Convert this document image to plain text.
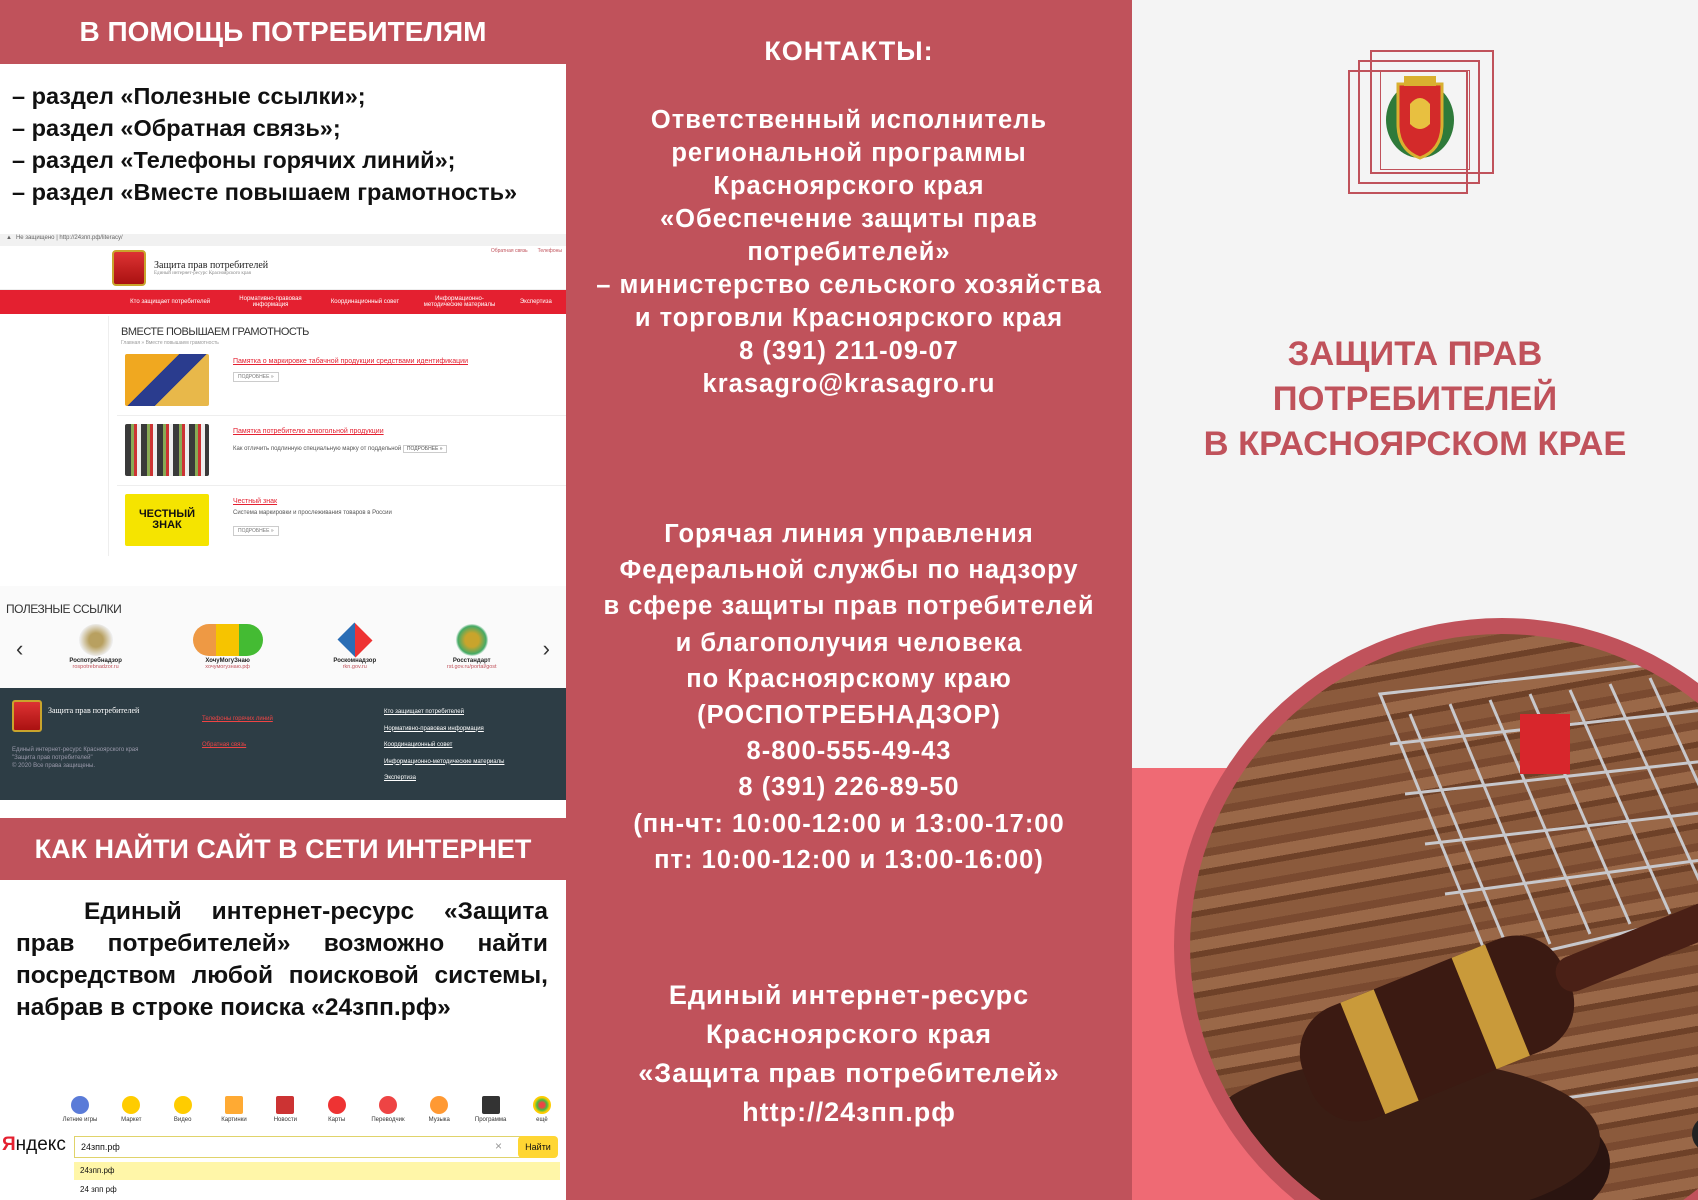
В ПОМОЩЬ ПОТРЕБИТЕЛЯМ
– раздел «Полезные ссылки»;
– раздел «Обратная связь»;
– раздел «Телефоны горячих линий»;
– раздел «Вместе повышаем грамотность»
▲ Не защищено | http://24зпп.рф/literacy/
Защита прав потребителей
Единый интернет-ресурс Красноярского края
Обратная связь Телефоны
Кто защищает потребителей	Нормативно-правовая информация	Координационный совет	Информационно-методические материалы	Экспертиза
ВМЕСТЕ ПОВЫШАЕМ ГРАМОТНОСТЬ
Главная » Вместе повышаем грамотность
Памятка о маркировке табачной продукции средствами идентификации
ПОДРОБНЕЕ »
Памятка потребителю алкогольной продукции
Как отличить подлинную специальную марку от поддельной ПОДРОБНЕЕ »
ЧЕСТНЫЙ ЗНАК
Честный знак
Система маркировки и прослеживания товаров в России
ПОДРОБНЕЕ »
ПОЛЕЗНЫЕ ССЫЛКИ
‹	›
Роспотребнадзор
rospotrebnadzor.ru
ХочуМогуЗнаю
хочумогузнаю.рф
Роскомнадзор
rkn.gov.ru
Росстандарт
rst.gov.ru/portal/gost
Защита прав потребителей
Единый интернет-ресурс Красноярского края
"Защита прав потребителей"
© 2020 Все права защищены.
Телефоны горячих линий
Обратная связь
Кто защищает потребителей
Нормативно-правовая информация
Координационный совет
Информационно-методические материалы
Экспертиза
КАК НАЙТИ САЙТ В СЕТИ ИНТЕРНЕТ
Единый интернет-ресурс «Защита прав потребителей» возможно найти посредством любой поисковой системы, набрав в строке поиска «24зпп.рф»
Летние игры	Маркет	Видео	Картинки	Новости	Карты	Переводчик	Музыка	Программа	ещё
Яндекс	24зпп.рф	×	Найти
24зпп.рф
24 зпп рф
КОНТАКТЫ:
Ответственный исполнитель
региональной программы
Красноярского края
«Обеспечение защиты прав
потребителей»
– министерство сельского хозяйства
и торговли Красноярского края
8 (391) 211-09-07
krasagro@krasagro.ru
Горячая линия управления
Федеральной службы по надзору
в сфере защиты прав потребителей
и благополучия человека
по Красноярскому краю
(РОСПОТРЕБНАДЗОР)
8-800-555-49-43
8 (391) 226-89-50
(пн-чт: 10:00-12:00 и 13:00-17:00
пт: 10:00-12:00 и 13:00-16:00)
Единый интернет-ресурс
Красноярского края
«Защита прав потребителей»
http://24зпп.рф
ЗАЩИТА ПРАВ
ПОТРЕБИТЕЛЕЙ
В КРАСНОЯРСКОМ КРАЕ
